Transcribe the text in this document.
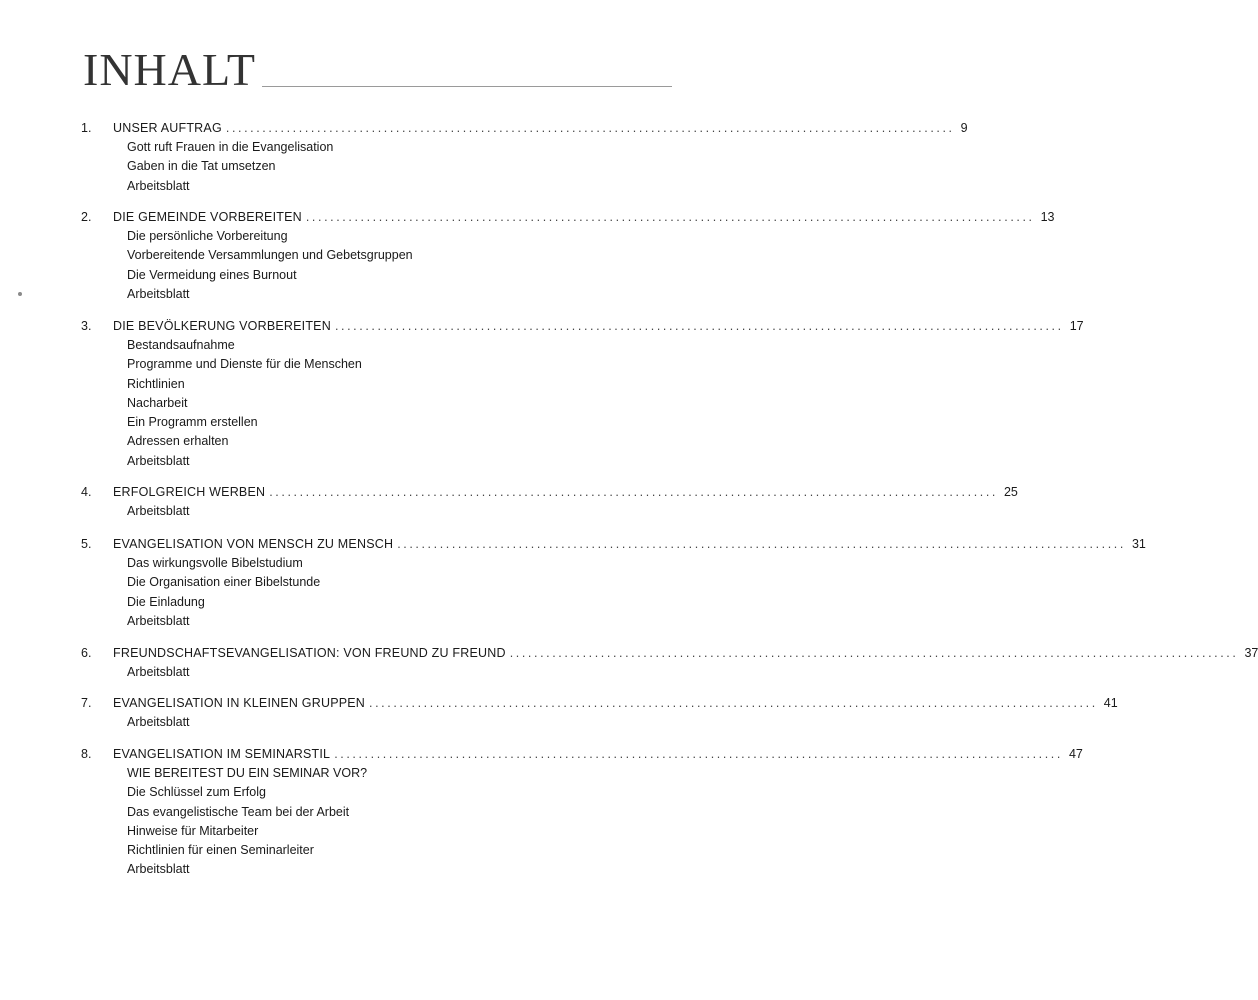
INHALT
1. UNSER AUFTRAG ........................................................................................................................ 9
Gott ruft Frauen in die Evangelisation
Gaben in die Tat umsetzen
Arbeitsblatt
2. DIE GEMEINDE VORBEREITEN ........................................................................................................................ 13
Die persönliche Vorbereitung
Vorbereitende Versammlungen und Gebetsgruppen
Die Vermeidung eines Burnout
Arbeitsblatt
3. DIE BEVÖLKERUNG VORBEREITEN ........................................................................................................................ 17
Bestandsaufnahme
Programme und Dienste für die Menschen
Richtlinien
Nacharbeit
Ein Programm erstellen
Adressen erhalten
Arbeitsblatt
4. ERFOLGREICH WERBEN ........................................................................................................................ 25
Arbeitsblatt
5. EVANGELISATION VON MENSCH ZU MENSCH ........................................................................................................................ 31
Das wirkungsvolle Bibelstudium
Die Organisation einer Bibelstunde
Die Einladung
Arbeitsblatt
6. FREUNDSCHAFTSEVANGELISATION: VON FREUND ZU FREUND ........................................................................................................................ 37
Arbeitsblatt
7. EVANGELISATION IN KLEINEN GRUPPEN ........................................................................................................................ 41
Arbeitsblatt
8. EVANGELISATION IM SEMINARSTIL ........................................................................................................................ 47
WIE BEREITEST DU EIN SEMINAR VOR?
Die Schlüssel zum Erfolg
Das evangelistische Team bei der Arbeit
Hinweise für Mitarbeiter
Richtlinien für einen Seminarleiter
Arbeitsblatt
